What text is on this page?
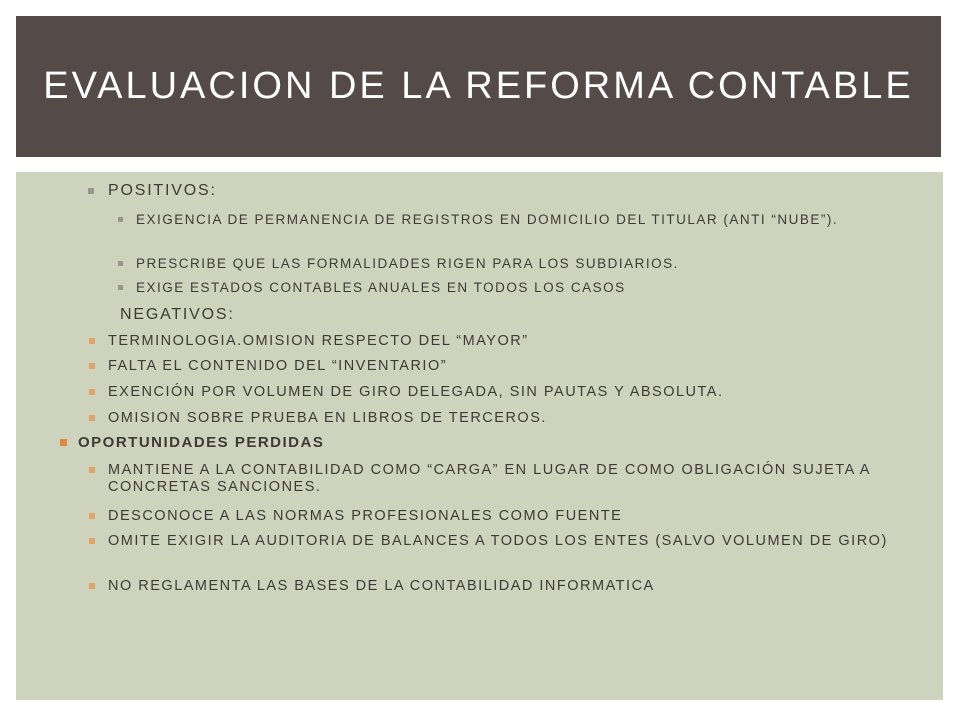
EVALUACION DE LA REFORMA CONTABLE
POSITIVOS:
EXIGENCIA DE PERMANENCIA DE REGISTROS EN DOMICILIO DEL TITULAR (ANTI “NUBE”).
PRESCRIBE QUE LAS FORMALIDADES RIGEN PARA LOS SUBDIARIOS.
EXIGE ESTADOS CONTABLES ANUALES EN TODOS LOS CASOS
NEGATIVOS:
TERMINOLOGIA.OMISION RESPECTO DEL “MAYOR”
FALTA EL CONTENIDO DEL “INVENTARIO”
EXENCIÓN POR VOLUMEN DE GIRO DELEGADA, SIN PAUTAS Y ABSOLUTA.
OMISION SOBRE PRUEBA EN LIBROS DE TERCEROS.
OPORTUNIDADES PERDIDAS
MANTIENE A LA CONTABILIDAD COMO “CARGA” EN LUGAR DE COMO OBLIGACIÓN SUJETA A CONCRETAS SANCIONES.
DESCONOCE A LAS NORMAS PROFESIONALES COMO FUENTE
OMITE EXIGIR LA AUDITORIA DE BALANCES A TODOS LOS ENTES (SALVO VOLUMEN DE GIRO)
NO REGLAMENTA LAS BASES DE LA CONTABILIDAD INFORMATICA
